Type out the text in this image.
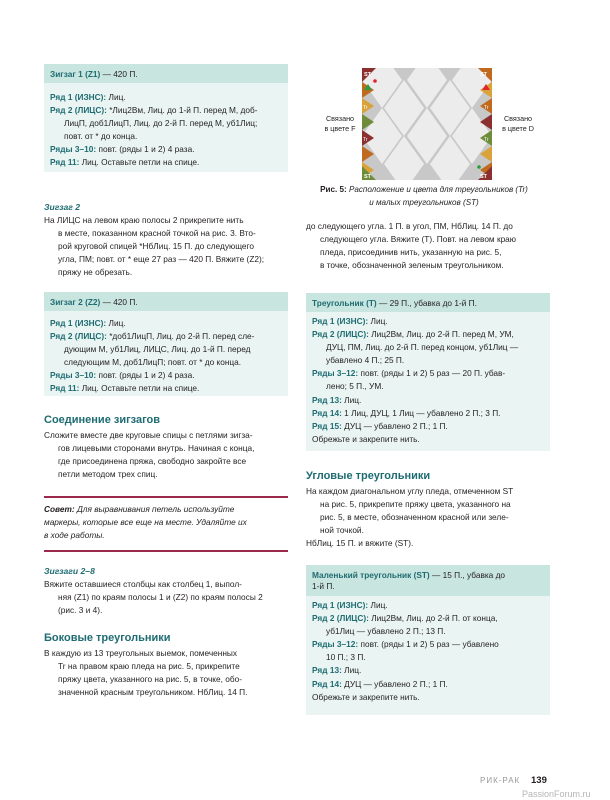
Зигзаг 1 (Z1) — 420 П.
Ряд 1 (ИЗНС): Лиц.
Ряд 2 (ЛИЦС): *Лиц2Вм, Лиц. до 1-й П. перед М, доб-
ЛицП, доб1ЛицП, Лиц. до 2-й П. перед М, уб1Лиц;
повт. от * до конца.
Ряды 3–10: повт. (ряды 1 и 2) 4 раза.
Ряд 11: Лиц. Оставьте петли на спице.
Зигзаг 2
На ЛИЦС на левом краю полосы 2 прикрепите нить
в месте, показанном красной точкой на рис. 3. Вто-
рой круговой спицей *НбЛиц. 15 П. до следующего
угла, ПМ; повт. от * еще 27 раз — 420 П. Вяжите (Z2);
пряжу не обрезать.
Зигзаг 2 (Z2) — 420 П.
Ряд 1 (ИЗНС): Лиц.
Ряд 2 (ЛИЦС): *доб1ЛицП, Лиц. до 2-й П. перед сле-
дующим М, уб1Лиц, ЛИЦС, Лиц. до 1-й П. перед
следующим М, доб1ЛицП; повт. от * до конца.
Ряды 3–10: повт. (ряды 1 и 2) 4 раза.
Ряд 11: Лиц. Оставьте петли на спице.
Соединение зигзагов
Сложите вместе две круговые спицы с петлями зигза-
гов лицевыми сторонами внутрь. Начиная с конца,
где присоединена пряжа, свободно закройте все
петли методом трех спиц.
Совет: Для выравнивания петель используйте
маркеры, которые все еще на месте. Удаляйте их
в ходе работы.
Зигзаги 2–8
Вяжите оставшиеся столбцы как столбец 1, выпол-
няя (Z1) по краям полосы 1 и (Z2) по краям полосы 2
(рис. 3 и 4).
Боковые треугольники
В каждую из 13 треугольных выемок, помеченных
Tr на правом краю пледа на рис. 5, прикрепите
пряжу цвета, указанного на рис. 5, в точке, обо-
значенной красным треугольником. НбЛиц. 14 П.
Связано
в цвете F
Связано
в цвете D
ST	ST
ST	ST
Tr
Tr
Tr
Tr
Рис. 5: Расположение и цвета для треугольников (Tr)
и малых треугольников (ST)
до следующего угла. 1 П. в угол, ПМ, НбЛиц. 14 П. до
следующего угла. Вяжите (Т). Повт. на левом краю
пледа, присоединив нить, указанную на рис. 5,
в точке, обозначенной зеленым треугольником.
Треугольник (Т) — 29 П., убавка до 1-й П.
Ряд 1 (ИЗНС): Лиц.
Ряд 2 (ЛИЦС): Лиц2Вм, Лиц. до 2-й П. перед М, УМ,
ДУЦ, ПМ, Лиц. до 2-й П. перед концом, уб1Лиц —
убавлено 4 П.; 25 П.
Ряды 3–12: повт. (ряды 1 и 2) 5 раз — 20 П. убав-
лено; 5 П., УМ.
Ряд 13: Лиц.
Ряд 14: 1 Лиц, ДУЦ, 1 Лиц — убавлено 2 П.; 3 П.
Ряд 15: ДУЦ — убавлено 2 П.; 1 П.
Обрежьте и закрепите нить.
Угловые треугольники
На каждом диагональном углу пледа, отмеченном ST
на рис. 5, прикрепите пряжу цвета, указанного на
рис. 5, в месте, обозначенном красной или зеле-
ной точкой.
НбЛиц. 15 П. и вяжите (ST).
Маленький треугольник (ST) — 15 П., убавка до
1-й П.
Ряд 1 (ИЗНС): Лиц.
Ряд 2 (ЛИЦС): Лиц2Вм, Лиц. до 2-й П. от конца,
уб1Лиц — убавлено 2 П.; 13 П.
Ряды 3–12: повт. (ряды 1 и 2) 5 раз — убавлено
10 П.; 3 П.
Ряд 13: Лиц.
Ряд 14: ДУЦ — убавлено 2 П.; 1 П.
Обрежьте и закрепите нить.
РИК-РАК 139
PassionForum.ru
